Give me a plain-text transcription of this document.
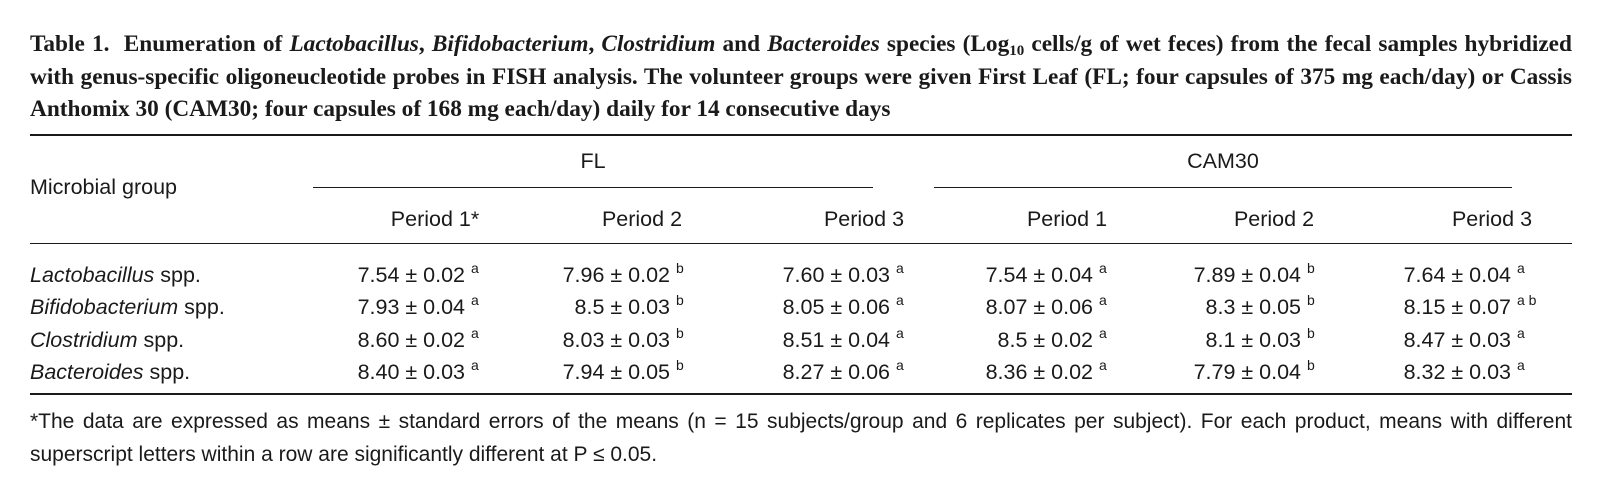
Table 1. Enumeration of Lactobacillus, Bifidobacterium, Clostridium and Bacteroides species (Log$_{10}$ cells/g of wet feces) from the fecal samples hybridized with genus-specific oligoneucleotide probes in FISH analysis. The volunteer groups were given First Leaf (FL; four capsules of 375 mg each/day) or Cassis Anthomix 30 (CAM30; four capsules of 168 mg each/day) daily for 14 consecutive days

Microbial group
FL	CAM30
Period 1*	Period 2	Period 3	Period 1	Period 2	Period 3
Lactobacillus spp.	7.54 ± 0.02 a	7.96 ± 0.02 b	7.60 ± 0.03 a	7.54 ± 0.04 a	7.89 ± 0.04 b	7.64 ± 0.04 a
Bifidobacterium spp.	7.93 ± 0.04 a	8.5 ± 0.03 b	8.05 ± 0.06 a	8.07 ± 0.06 a	8.3 ± 0.05 b	8.15 ± 0.07 a b
Clostridium spp.	8.60 ± 0.02 a	8.03 ± 0.03 b	8.51 ± 0.04 a	8.5 ± 0.02 a	8.1 ± 0.03 b	8.47 ± 0.03 a
Bacteroides spp.	8.40 ± 0.03 a	7.94 ± 0.05 b	8.27 ± 0.06 a	8.36 ± 0.02 a	7.79 ± 0.04 b	8.32 ± 0.03 a
*The data are expressed as means ± standard errors of the means (n = 15 subjects/group and 6 replicates per subject). For each product, means with different superscript letters within a row are significantly different at P ≤ 0.05.
